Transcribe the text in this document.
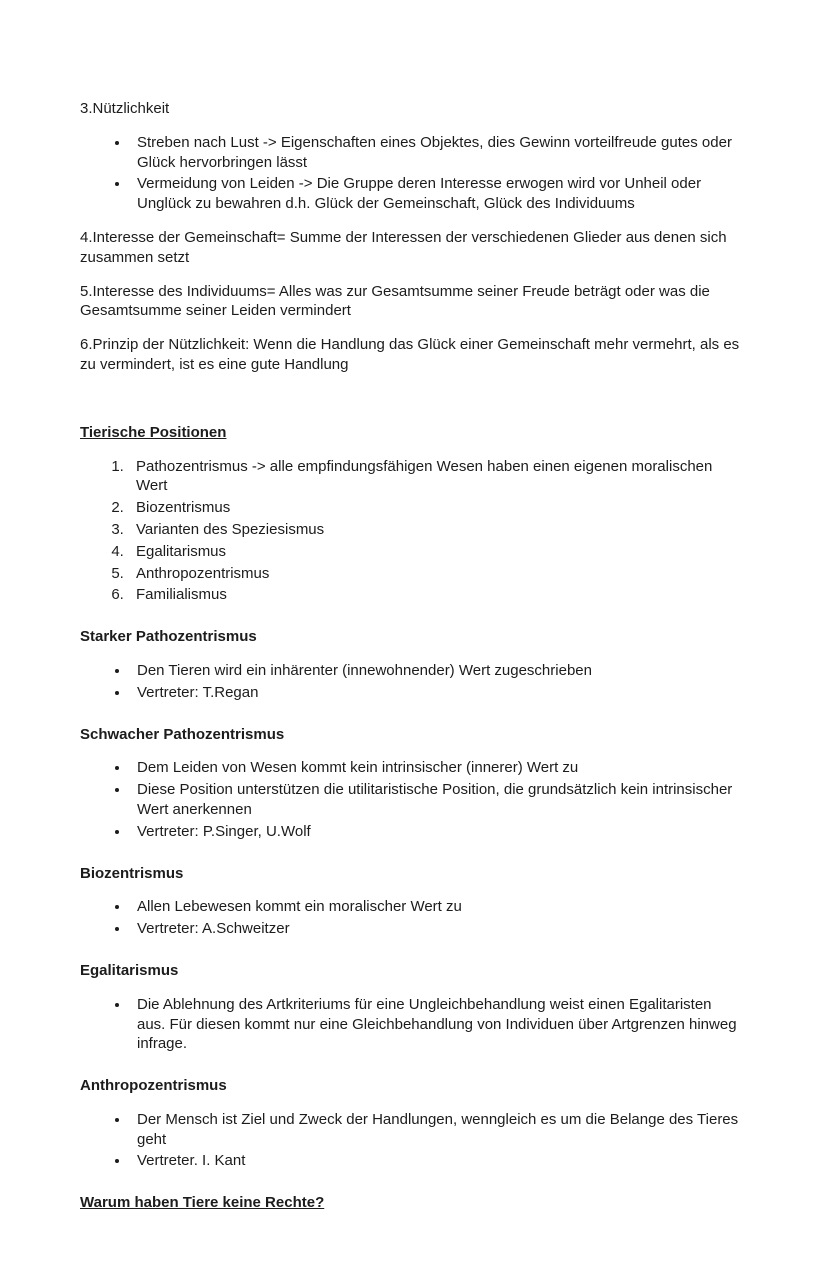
3.Nützlichkeit

• Streben nach Lust -> Eigenschaften eines Objektes, dies Gewinn vorteilfreude gutes oder Glück hervorbringen lässt
• Vermeidung von Leiden -> Die Gruppe deren Interesse erwogen wird vor Unheil oder Unglück zu bewahren d.h. Glück der Gemeinschaft, Glück des Individuums

4.Interesse der Gemeinschaft= Summe der Interessen der verschiedenen Glieder aus denen sich zusammen setzt

5.Interesse des Individuums= Alles was zur Gesamtsumme seiner Freude beträgt oder was die Gesamtsumme seiner Leiden vermindert

6.Prinzip der Nützlichkeit: Wenn die Handlung das Glück einer Gemeinschaft mehr vermehrt, als es zu vermindert, ist es eine gute Handlung

Tierische Positionen

1. Pathozentrismus -> alle empfindungsfähigen Wesen haben einen eigenen moralischen Wert
2. Biozentrismus
3. Varianten des Speziesismus
4. Egalitarismus
5. Anthropozentrismus
6. Familialismus

Starker Pathozentrismus

• Den Tieren wird ein inhärenter (innewohnender) Wert zugeschrieben
• Vertreter: T.Regan

Schwacher Pathozentrismus

• Dem Leiden von Wesen kommt kein intrinsischer (innerer) Wert zu
• Diese Position unterstützen die utilitaristische Position, die grundsätzlich kein intrinsischer Wert anerkennen
• Vertreter: P.Singer, U.Wolf

Biozentrismus

• Allen Lebewesen kommt ein moralischer Wert zu
• Vertreter: A.Schweitzer

Egalitarismus

• Die Ablehnung des Artkriteriums für eine Ungleichbehandlung weist einen Egalitaristen aus. Für diesen kommt nur eine Gleichbehandlung von Individuen über Artgrenzen hinweg infrage.

Anthropozentrismus

• Der Mensch ist Ziel und Zweck der Handlungen, wenngleich es um die Belange des Tieres geht
• Vertreter. I. Kant

Warum haben Tiere keine Rechte?
